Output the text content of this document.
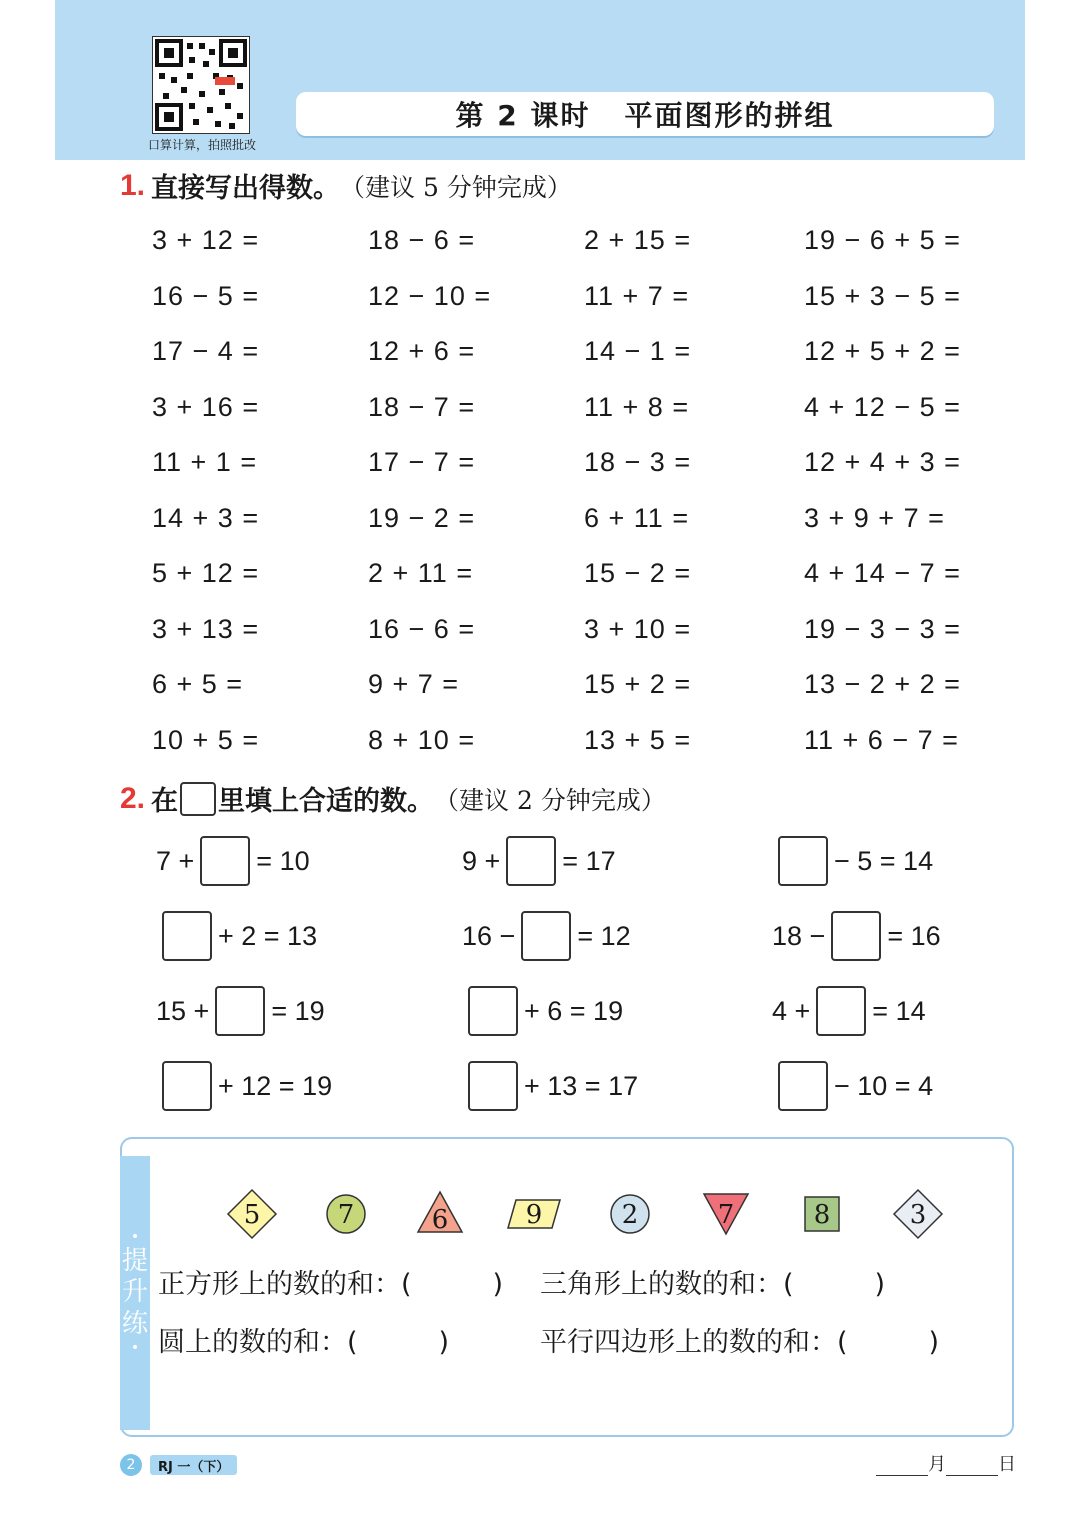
口算计算，拍照批改
第 2 课时 平面图形的拼组
1. 直接写出得数。 （建议 5 分钟完成）
3 + 12 =	18 − 6 =	2 + 15 =	19 − 6 + 5 =
16 − 5 =	12 − 10 =	11 + 7 =	15 + 3 − 5 =
17 − 4 =	12 + 6 =	14 − 1 =	12 + 5 + 2 =
3 + 16 =	18 − 7 =	11 + 8 =	4 + 12 − 5 =
11 + 1 =	17 − 7 =	18 − 3 =	12 + 4 + 3 =
14 + 3 =	19 − 2 =	6 + 11 =	3 + 9 + 7 =
5 + 12 =	2 + 11 =	15 − 2 =	4 + 14 − 7 =
3 + 13 =	16 − 6 =	3 + 10 =	19 − 3 − 3 =
6 + 5 =	9 + 7 =	15 + 2 =	13 − 2 + 2 =
10 + 5 =	8 + 10 =	13 + 5 =	11 + 6 − 7 =
2. 在 里填上合适的数。 （建议 2 分钟完成）
7 + = 10	9 + = 17	− 5 = 14
+ 2 = 13	16 − = 12	18 − = 16
15 + = 19	+ 6 = 19	4 + = 14
+ 12 = 19	+ 13 = 17	− 10 = 4
•
提
升
练
•
5	7	6	9	2	7	8	3
正方形上的数的和：(　　　) 三角形上的数的和：(　　　)
圆上的数的和：(　　　)	平行四边形上的数的和：(　　　)
2	RJ 一（下）	月	日
